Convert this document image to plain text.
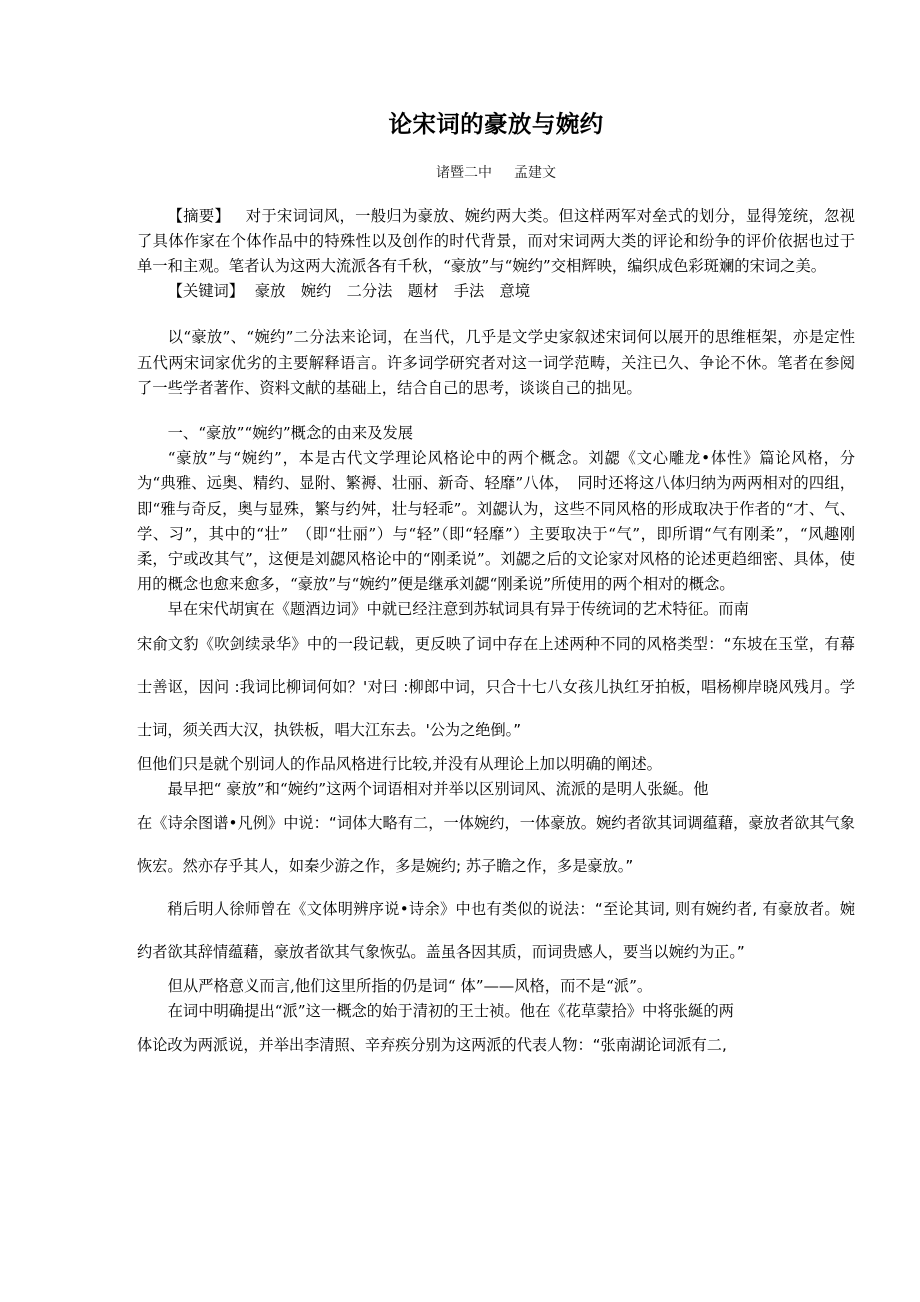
论宋词的豪放与婉约

诸暨二中 孟建文

【摘要】 对于宋词词风，一般归为豪放、婉约两大类。但这样两军对垒式的划分，显得笼统，忽视了具体作家在个体作品中的特殊性以及创作的时代背景，而对宋词两大类的评论和纷争的评价依据也过于单一和主观。笔者认为这两大流派各有千秋，“豪放”与“婉约”交相辉映，编织成色彩斑斓的宋词之美。

【关键词】 豪放　婉约　二分法　题材　手法　意境

以“豪放”、“婉约”二分法来论词，在当代，几乎是文学史家叙述宋词何以展开的思维框架，亦是定性五代两宋词家优劣的主要解释语言。许多词学研究者对这一词学范畴，关注已久、争论不休。笔者在参阅了一些学者著作、资料文献的基础上，结合自己的思考，谈谈自己的拙见。

一、“豪放”“婉约”概念的由来及发展

“豪放”与“婉约”，本是古代文学理论风格论中的两个概念。刘勰《文心雕龙•体性》篇论风格，分为“典雅、远奥、精约、显附、繁褥、壮丽、新奇、轻靡”八体，　同时还将这八体归纳为两两相对的四组，即“雅与奇反，奥与显殊，繁与约舛，壮与轻乖”。刘勰认为，这些不同风格的形成取决于作者的“才、气、学、习”，其中的“壮”　（即“壮丽”）与“轻”（即“轻靡”）主要取决于“气”，即所谓“气有刚柔”，“风趣刚柔，宁或改其气”，这便是刘勰风格论中的“刚柔说”。刘勰之后的文论家对风格的论述更趋细密、具体，使用的概念也愈来愈多，“豪放”与“婉约”便是继承刘勰“刚柔说”所使用的两个相对的概念。

早在宋代胡寅在《题酒边词》中就已经注意到苏轼词具有异于传统词的艺术特征。而南

宋俞文豹《吹剑续录华》中的一段记载，更反映了词中存在上述两种不同的风格类型：“东坡在玉堂，有幕士善讴，因问 :我词比柳词何如？'对曰 :柳郎中词，只合十七八女孩儿执红牙拍板，唱杨柳岸晓风残月。学士词，须关西大汉，执铁板，唱大江东去。'公为之绝倒。”

但他们只是就个别词人的作品风格进行比较,并没有从理论上加以明确的阐述。

最早把“ 豪放”和“婉约”这两个词语相对并举以区别词风、流派的是明人张綖。他

在《诗余图谱•凡例》中说：“词体大略有二，一体婉约，一体豪放。婉约者欲其词调蕴藉，豪放者欲其气象恢宏。然亦存乎其人，如秦少游之作，多是婉约; 苏子瞻之作，多是豪放。”

稍后明人徐师曾在《文体明辨序说•诗余》中也有类似的说法：“至论其词, 则有婉约者, 有豪放者。婉约者欲其辞情蕴藉，豪放者欲其气象恢弘。盖虽各因其质，而词贵感人，要当以婉约为正。”

但从严格意义而言,他们这里所指的仍是词“ 体”——风格，而不是“派”。

在词中明确提出“派”这一概念的始于清初的王士祯。他在《花草蒙拾》中将张綖的两

体论改为两派说，并举出李清照、辛弃疾分别为这两派的代表人物：“张南湖论词派有二,
